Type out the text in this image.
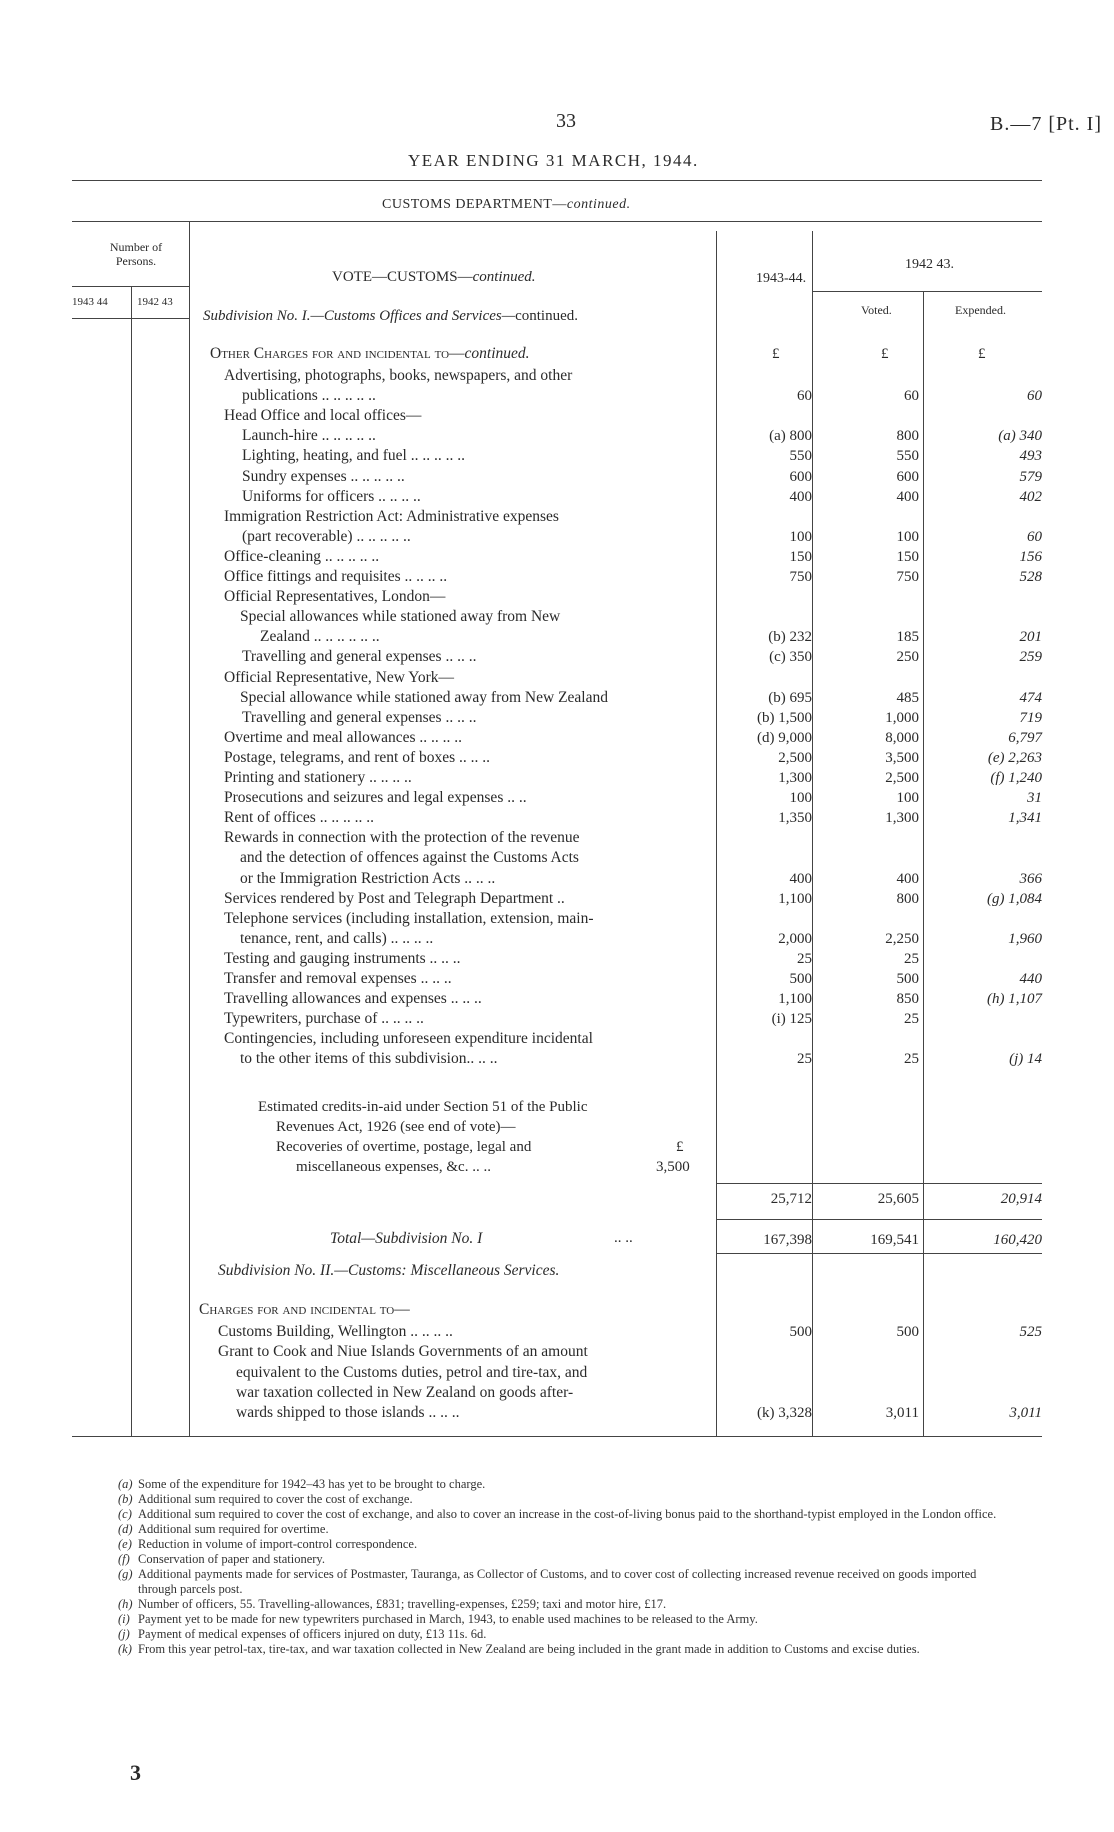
33	B.—7 [Pt. I]
YEAR ENDING 31 MARCH, 1944.
CUSTOMS DEPARTMENT—continued.
Number of Persons.
1943 44	1942 43
1943-44.
1942 43.
Voted.	Expended.
VOTE—CUSTOMS—continued.
Subdivision No. I.—Customs Offices and Services—continued.
Other Charges for and incidental to—continued.	£	£	£
Advertising, photographs, books, newspapers, and other
publications .. .. .. .. ..	60	60	60
Head Office and local offices—
Launch-hire .. .. .. .. ..	(a) 800	800	(a) 340
Lighting, heating, and fuel .. .. .. .. ..	550	550	493
Sundry expenses .. .. .. .. ..	600	600	579
Uniforms for officers .. .. .. ..	400	400	402
Immigration Restriction Act: Administrative expenses
(part recoverable) .. .. .. .. ..	100	100	60
Office-cleaning .. .. .. .. ..	150	150	156
Office fittings and requisites .. .. .. ..	750	750	528
Official Representatives, London—
Special allowances while stationed away from New
Zealand .. .. .. .. .. ..	(b) 232	185	201
Travelling and general expenses .. .. ..	(c) 350	250	259
Official Representative, New York—
Special allowance while stationed away from New Zealand	(b) 695	485	474
Travelling and general expenses .. .. ..	(b) 1,500	1,000	719
Overtime and meal allowances .. .. .. ..	(d) 9,000	8,000	6,797
Postage, telegrams, and rent of boxes .. .. ..	2,500	3,500	(e) 2,263
Printing and stationery .. .. .. ..	1,300	2,500	(f) 1,240
Prosecutions and seizures and legal expenses .. ..	100	100	31
Rent of offices .. .. .. .. ..	1,350	1,300	1,341
Rewards in connection with the protection of the revenue
and the detection of offences against the Customs Acts
or the Immigration Restriction Acts .. .. ..	400	400	366
Services rendered by Post and Telegraph Department ..	1,100	800	(g) 1,084
Telephone services (including installation, extension, main-
tenance, rent, and calls) .. .. .. ..	2,000	2,250	1,960
Testing and gauging instruments .. .. ..	25	25
Transfer and removal expenses .. .. ..	500	500	440
Travelling allowances and expenses .. .. ..	1,100	850	(h) 1,107
Typewriters, purchase of .. .. .. ..	(i) 125	25
Contingencies, including unforeseen expenditure incidental
to the other items of this subdivision.. .. ..	25	25	(j) 14
Estimated credits-in-aid under Section 51 of the Public
Revenues Act, 1926 (see end of vote)—
Recoveries of overtime, postage, legal and	£
miscellaneous expenses, &c. .. ..	3,500
25,712	25,605	20,914
Total—Subdivision No. I	.. ..	167,398	169,541	160,420
Subdivision No. II.—Customs: Miscellaneous Services.
Charges for and incidental to—
Customs Building, Wellington .. .. .. ..	500	500	525
Grant to Cook and Niue Islands Governments of an amount
equivalent to the Customs duties, petrol and tire-tax, and
war taxation collected in New Zealand on goods after-
wards shipped to those islands .. .. ..	(k) 3,328	3,011	3,011
(a) Some of the expenditure for 1942–43 has yet to be brought to charge.
(b) Additional sum required to cover the cost of exchange.
(c) Additional sum required to cover the cost of exchange, and also to cover an increase in the cost-of-living bonus paid to the shorthand-typist employed in the London office.
(d) Additional sum required for overtime.
(e) Reduction in volume of import-control correspondence.
(f) Conservation of paper and stationery.
(g) Additional payments made for services of Postmaster, Tauranga, as Collector of Customs, and to cover cost of collecting increased revenue received on goods imported through parcels post.
(h) Number of officers, 55. Travelling-allowances, £831; travelling-expenses, £259; taxi and motor hire, £17.
(i) Payment yet to be made for new typewriters purchased in March, 1943, to enable used machines to be released to the Army.
(j) Payment of medical expenses of officers injured on duty, £13 11s. 6d.
(k) From this year petrol-tax, tire-tax, and war taxation collected in New Zealand are being included in the grant made in addition to Customs and excise duties.
3
